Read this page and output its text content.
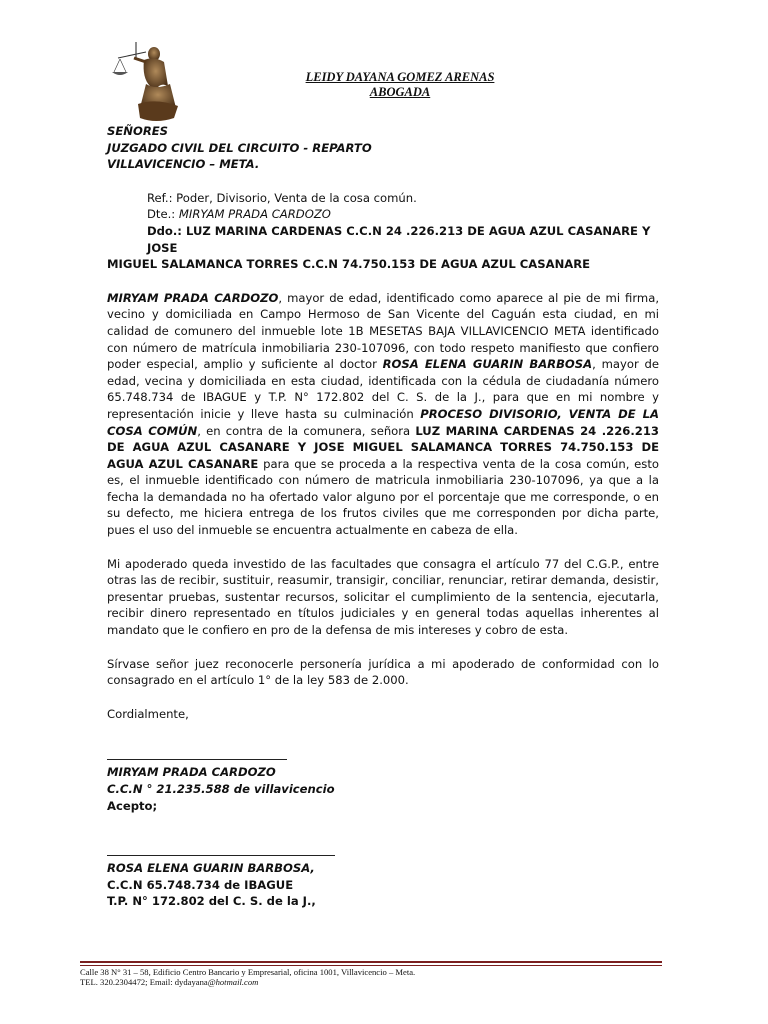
LEIDY DAYANA GOMEZ ARENAS
ABOGADA
SEÑORES
JUZGADO CIVIL DEL CIRCUITO - REPARTO
VILLAVICENCIO – META.
Ref.: Poder, Divisorio, Venta de la cosa común.
Dte.: MIRYAM PRADA CARDOZO
Ddo.: LUZ MARINA CARDENAS C.C.N 24 .226.213 DE AGUA AZUL CASANARE Y JOSE
MIGUEL SALAMANCA TORRES C.C.N 74.750.153 DE AGUA AZUL CASANARE

MIRYAM PRADA CARDOZO, mayor de edad, identificado como aparece al pie de mi firma, vecino y domiciliada en Campo Hermoso de San Vicente del Caguán esta ciudad, en mi calidad de comunero del inmueble lote 1B MESETAS BAJA VILLAVICENCIO META identificado con número de matrícula inmobiliaria 230-107096, con todo respeto manifiesto que confiero poder especial, amplio y suficiente al doctor ROSA ELENA GUARIN BARBOSA, mayor de edad, vecina y domiciliada en esta ciudad, identificada con la cédula de ciudadanía número 65.748.734 de IBAGUE y T.P. N° 172.802 del C. S. de la J., para que en mi nombre y representación inicie y lleve hasta su culminación PROCESO DIVISORIO, VENTA DE LA COSA COMÚN, en contra de la comunera, señora LUZ MARINA CARDENAS 24 .226.213 DE AGUA AZUL CASANARE Y JOSE MIGUEL SALAMANCA TORRES 74.750.153 DE AGUA AZUL CASANARE para que se proceda a la respectiva venta de la cosa común, esto es, el inmueble identificado con número de matricula inmobiliaria 230-107096, ya que a la fecha la demandada no ha ofertado valor alguno por el porcentaje que me corresponde, o en su defecto, me hiciera entrega de los frutos civiles que me corresponden por dicha parte, pues el uso del inmueble se encuentra actualmente en cabeza de ella.

Mi apoderado queda investido de las facultades que consagra el artículo 77 del C.G.P., entre otras las de recibir, sustituir, reasumir, transigir, conciliar, renunciar, retirar demanda, desistir, presentar pruebas, sustentar recursos, solicitar el cumplimiento de la sentencia, ejecutarla, recibir dinero representado en títulos judiciales y en general todas aquellas inherentes al mandato que le confiero en pro de la defensa de mis intereses y cobro de esta.

Sírvase señor juez reconocerle personería jurídica a mi apoderado de conformidad con lo consagrado en el artículo 1° de la ley 583 de 2.000.

Cordialmente,
MIRYAM PRADA CARDOZO
C.C.N ° 21.235.588 de villavicencio
Acepto;
ROSA ELENA GUARIN BARBOSA,
C.C.N 65.748.734 de IBAGUE
T.P. N° 172.802 del C. S. de la J.,
Calle 38 N° 31 – 58, Edificio Centro Bancario y Empresarial, oficina 1001, Villavicencio – Meta.
TEL. 320.2304472; Email: dydayana@hotmail.com
